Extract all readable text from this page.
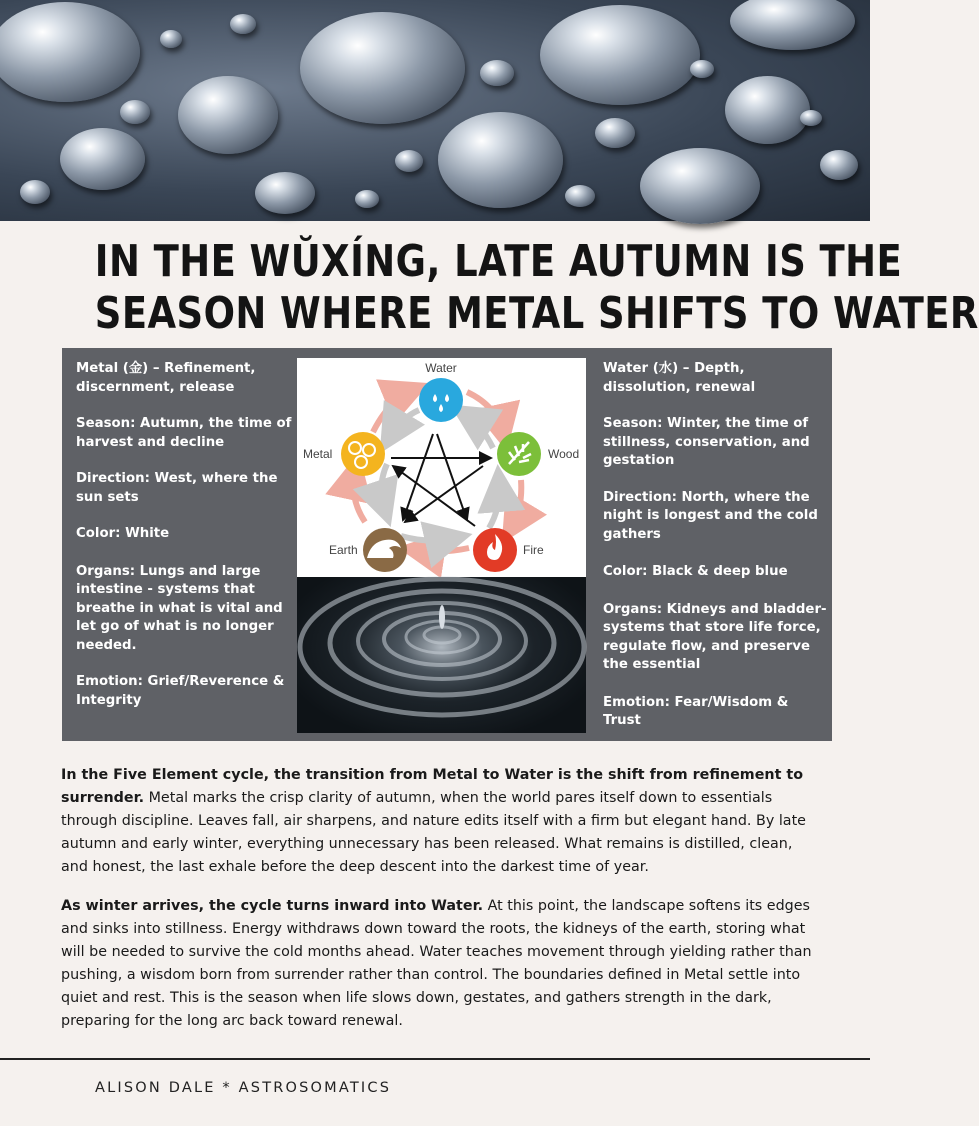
IN THE WŬXÍNG, LATE AUTUMN IS THE
SEASON WHERE METAL SHIFTS TO WATER

Metal (金) – Refinement, discernment, release

Season: Autumn, the time of harvest and decline

Direction: West, where the sun sets

Color: White

Organs: Lungs and large intestine - systems that breathe in what is vital and let go of what is no longer needed.

Emotion: Grief/Reverence & Integrity

Water (水) – Depth, dissolution, renewal

Season: Winter, the time of stillness, conservation, and gestation

Direction: North, where the night is longest and the cold gathers

Color: Black & deep blue

Organs: Kidneys and bladder- systems that store life force, regulate flow, and preserve the essential

Emotion: Fear/Wisdom & Trust

Water
Wood
Fire
Earth
Metal
In the Five Element cycle, the transition from Metal to Water is the shift from refinement to surrender. Metal marks the crisp clarity of autumn, when the world pares itself down to essentials through discipline. Leaves fall, air sharpens, and nature edits itself with a firm but elegant hand. By late autumn and early winter, everything unnecessary has been released. What remains is distilled, clean, and honest, the last exhale before the deep descent into the darkest time of year.
As winter arrives, the cycle turns inward into Water. At this point, the landscape softens its edges and sinks into stillness. Energy withdraws down toward the roots, the kidneys of the earth, storing what will be needed to survive the cold months ahead. Water teaches movement through yielding rather than pushing, a wisdom born from surrender rather than control. The boundaries defined in Metal settle into quiet and rest. This is the season when life slows down, gestates, and gathers strength in the dark, preparing for the long arc back toward renewal.
ALISON DALE * ASTROSOMATICS
